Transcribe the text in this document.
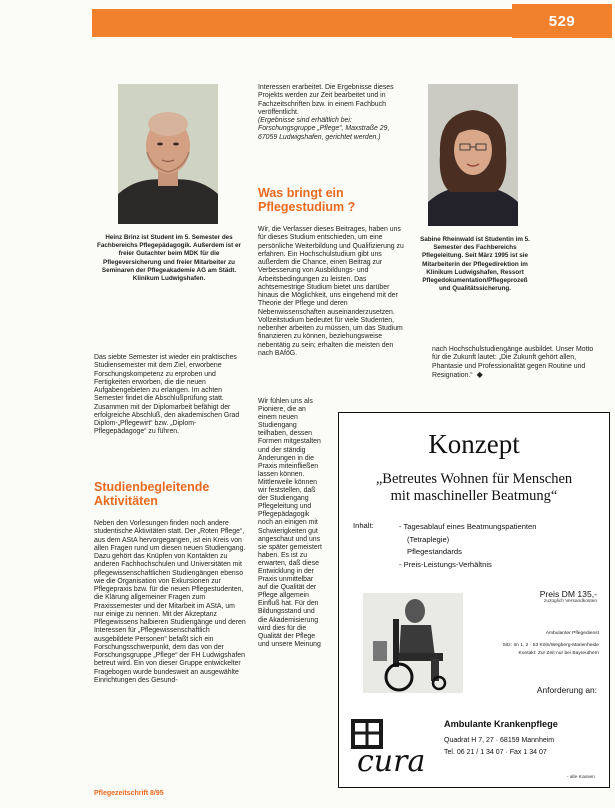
529
Heinz Brinz ist Student im 5. Semester des Fachbereichs Pflegepädagogik. Außerdem ist er freier Gutachter beim MDK für die Pflegeversicherung und freier Mitarbeiter zu Seminaren der Pflegeakademie AG am Städt. Klinikum Ludwigshafen.
Sabine Rheinwald ist Studentin im 5. Semester des Fachbereichs Pflegeleitung. Seit März 1995 ist sie Mitarbeiterin der Pflegedirektion im Klinikum Ludwigshafen, Ressort Pflegedokumentation/Pflegeprozeß und Qualitätssicherung.

Interessen erarbeitet. Die Ergebnisse dieses Projekts werden zur Zeit bearbeitet und in Fachzeitschriften bzw. in einem Fachbuch veröffentlicht.

(Ergebnisse sind erhältlich bei: Forschungsgruppe „Pflege“, Maxstraße 29, 67059 Ludwigshafen, gerichtet werden.)

Was bringt ein Pflegestudium ?
Wir, die Verfasser dieses Beitrages, haben uns für dieses Studium entschieden, um eine persönliche Weiterbildung und Qualifizierung zu erfahren. Ein Hochschulstudium gibt uns außerdem die Chance, einen Beitrag zur Verbesserung von Ausbildungs- und Arbeitsbedingungen zu leisten. Das achtsemestrige Studium bietet uns darüber hinaus die Möglichkeit, uns eingehend mit der Theorie der Pflege und deren Nebenwissenschaften auseinanderzusetzen. Vollzeitstudium bedeutet für viele Studenten, nebenher arbeiten zu müssen, um das Studium finanzieren zu können, beziehungsweise nebentätig zu sein; erhalten die meisten den nach BAföG.
Wir fühlen uns als Pioniere, die an einem neuen Studiengang teilhaben, dessen Formen mitgestalten und der ständig Änderungen in die Praxis miteinfließen lassen können. Mittlerweile können wir feststellen, daß der Studiengang Pflegeleitung und Pflegepädagogik noch an einigen mit Schwierigkeiten gut angeschaut und uns sie später gemeistert haben. Es ist zu erwarten, daß diese Entwicklung in der Praxis unmittelbar auf die Qualität der Pflege allgemein Einfluß hat. Für den Bildungsstand und die Akademisierung wird dies für die Qualität der Pflege und unsere Meinung
Das siebte Semester ist wieder ein praktisches Studiensemester mit dem Ziel, erworbene Forschungskompetenz zu erproben und Fertigkeiten erworben, die die neuen Aufgabengebieten zu erlangen. Im achten Semester findet die Abschlußprüfung statt. Zusammen mit der Diplomarbeit befähigt der erfolgreiche Abschluß, den akademischen Grad Diplom-„Pflegewirt“ bzw. „Diplom-Pflegepädagoge“ zu führen.
Studienbegleitende Aktivitäten
Neben den Vorlesungen finden noch andere studentische Aktivitäten statt. Der „Roten Pflege“, aus dem AStA hervorgegangen, ist ein Kreis von allen Fragen rund um diesen neuen Studiengang. Dazu gehört das Knüpfen von Kontakten zu anderen Fachhochschulen und Universitäten mit pflegewissenschaftlichen Studiengängen ebenso wie die Organisation von Exkursionen zur Pflegepraxis bzw. für die neuen Pflegestudenten, die Klärung allgemeiner Fragen zum Praxissemester und der Mitarbeit im AStA, um nur einige zu nennen. Mit der Akzeptanz Pflegewissens halbieren Studiengänge und deren Interessen für „Pflegewissenschaftlich ausgebildete Personen“ befaßt sich ein Forschungsschwerpunkt, dem das von der Forschungsgruppe „Pflege“ der FH Ludwigshafen betreut wird. Ein von dieser Gruppe entwickelter Fragebogen wurde bundesweit an ausgewählte Einrichtungen des Gesund-
nach Hochschulstudiengänge ausbildet. Unser Motto für die Zukunft lautet: „Die Zukunft gehört allen, Phantasie und Professionalität gegen Routine und Resignation.“ ◆
Konzept
„Betreutes Wohnen für Menschen
mit maschineller Beatmung“
Inhalt:	- Tagesablauf eines Beatmungspatienten
(Tetraplegie)
Pflegestandards
- Preis-Leistungs-Verhältnis
Preis DM 135,-
zuzüglich Versandkosten
Ambulanter Pflegedienst
Sitz: Im 1. 2 · 53 Köln/Wegberg-Marienheide
Kontakt: Zur Zeit nur bei Bayreuthern
Anforderung an:
cura
Ambulante Krankenpflege
Quadrat H 7, 27 · 68159 Mannheim
Tel. 06 21 / 1 34 07 · Fax 1 34 07
- alle Kassen
Pflegezeitschrift 8/95
